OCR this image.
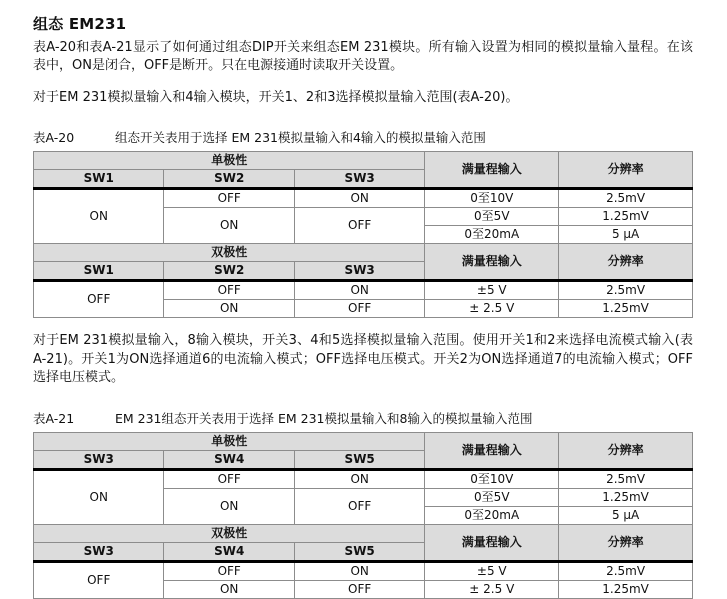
组态 EM231

表A-20和表A-21显示了如何通过组态DIP开关来组态EM 231模块。所有输入设置为相同的模拟量输入量程。在该表中，ON是闭合，OFF是断开。只在电源接通时读取开关设置。

对于EM 231模拟量输入和4输入模块，开关1、2和3选择模拟量输入范围(表A-20)。

表A-20	组态开关表用于选择 EM 231模拟量输入和4输入的模拟量输入范围
单极性			满量程输入	分辨率
SW1	SW2	SW3		
ON	OFF	ON	0至10V	2.5mV
	ON	OFF	0至5V	1.25mV
			0至20mA	5 μA
双极性			满量程输入	分辨率
SW1	SW2	SW3		
OFF	OFF	ON	±5 V	2.5mV
	ON	OFF	± 2.5 V	1.25mV

对于EM 231模拟量输入，8输入模块，开关3、4和5选择模拟量输入范围。使用开关1和2来选择电流模式输入(表A-21)。开关1为ON选择通道6的电流输入模式；OFF选择电压模式。开关2为ON选择通道7的电流输入模式；OFF选择电压模式。

表A-21	EM 231组态开关表用于选择 EM 231模拟量输入和8输入的模拟量输入范围
单极性			满量程输入	分辨率
SW3	SW4	SW5		
ON	OFF	ON	0至10V	2.5mV
	ON	OFF	0至5V	1.25mV
			0至20mA	5 μA
双极性			满量程输入	分辨率
SW3	SW4	SW5		
OFF	OFF	ON	±5 V	2.5mV
	ON	OFF	± 2.5 V	1.25mV
